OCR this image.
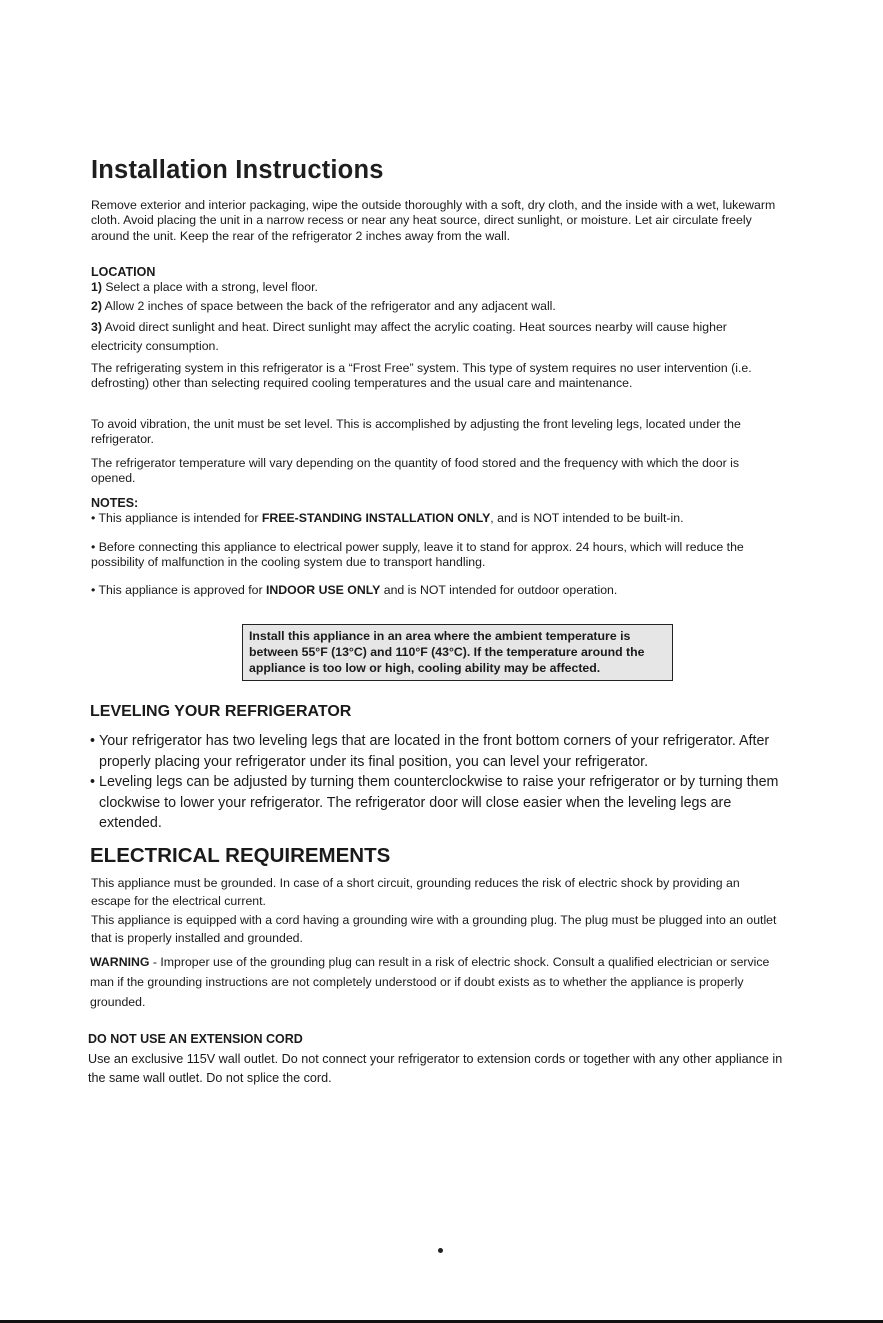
Installation Instructions
Remove exterior and interior packaging, wipe the outside thoroughly with a soft, dry cloth, and the inside with a wet, lukewarm cloth. Avoid placing the unit in a narrow recess or near any heat source, direct sunlight, or moisture. Let air circulate freely around the unit. Keep the rear of the refrigerator 2 inches away from the wall.
LOCATION
1) Select a place with a strong, level floor.
2) Allow 2 inches of space between the back of the refrigerator and any adjacent wall.
3) Avoid direct sunlight and heat. Direct sunlight may affect the acrylic coating. Heat sources nearby will cause higher electricity consumption.
The refrigerating system in this refrigerator is a “Frost Free” system. This type of system requires no user intervention (i.e. defrosting) other than selecting required cooling temperatures and the usual care and maintenance.
To avoid vibration, the unit must be set level. This is accomplished by adjusting the front leveling legs, located under the refrigerator.
The refrigerator temperature will vary depending on the quantity of food stored and the frequency with which the door is opened.
NOTES:
• This appliance is intended for FREE-STANDING INSTALLATION ONLY, and is NOT intended to be built-in.
• Before connecting this appliance to electrical power supply, leave it to stand for approx. 24 hours, which will reduce the possibility of malfunction in the cooling system due to transport handling.
• This appliance is approved for INDOOR USE ONLY and is NOT intended for outdoor operation.
Install this appliance in an area where the ambient temperature is between 55°F (13°C) and 110°F (43°C). If the temperature around the appliance is too low or high, cooling ability may be affected.
LEVELING YOUR REFRIGERATOR
• Your refrigerator has two leveling legs that are located in the front bottom corners of your refrigerator. After properly placing your refrigerator under its final position, you can level your refrigerator.
• Leveling legs can be adjusted by turning them counterclockwise to raise your refrigerator or by turning them clockwise to lower your refrigerator. The refrigerator door will close easier when the leveling legs are extended.
ELECTRICAL REQUIREMENTS
This appliance must be grounded. In case of a short circuit, grounding reduces the risk of electric shock by providing an escape for the electrical current.
This appliance is equipped with a cord having a grounding wire with a grounding plug. The plug must be plugged into an outlet that is properly installed and grounded.
WARNING - Improper use of the grounding plug can result in a risk of electric shock. Consult a qualified electrician or service man if the grounding instructions are not completely understood or if doubt exists as to whether the appliance is properly grounded.
DO NOT USE AN EXTENSION CORD
Use an exclusive 115V wall outlet. Do not connect your refrigerator to extension cords or together with any other appliance in the same wall outlet. Do not splice the cord.
